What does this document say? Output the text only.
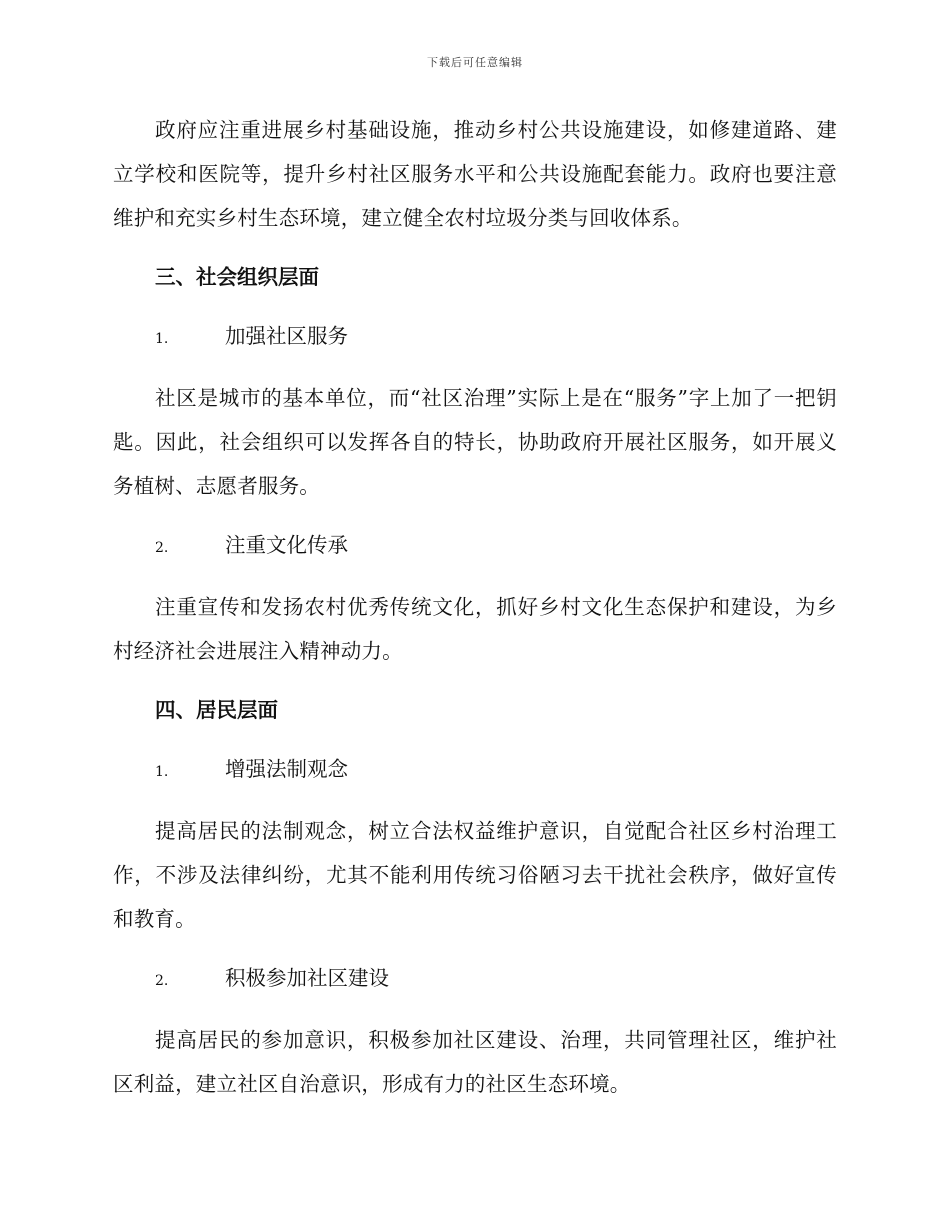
下载后可任意编辑

政府应注重进展乡村基础设施，推动乡村公共设施建设，如修建道路、建立学校和医院等，提升乡村社区服务水平和公共设施配套能力。政府也要注意维护和充实乡村生态环境，建立健全农村垃圾分类与回收体系。

三、社会组织层面
1.	加强社区服务

社区是城市的基本单位，而“社区治理”实际上是在“服务”字上加了一把钥匙。因此，社会组织可以发挥各自的特长，协助政府开展社区服务，如开展义务植树、志愿者服务。

2.	注重文化传承

注重宣传和发扬农村优秀传统文化，抓好乡村文化生态保护和建设，为乡村经济社会进展注入精神动力。

四、居民层面
1.	增强法制观念

提高居民的法制观念，树立合法权益维护意识，自觉配合社区乡村治理工作，不涉及法律纠纷，尤其不能利用传统习俗陋习去干扰社会秩序，做好宣传和教育。

2.	积极参加社区建设

提高居民的参加意识，积极参加社区建设、治理，共同管理社区，维护社区利益，建立社区自治意识，形成有力的社区生态环境。
